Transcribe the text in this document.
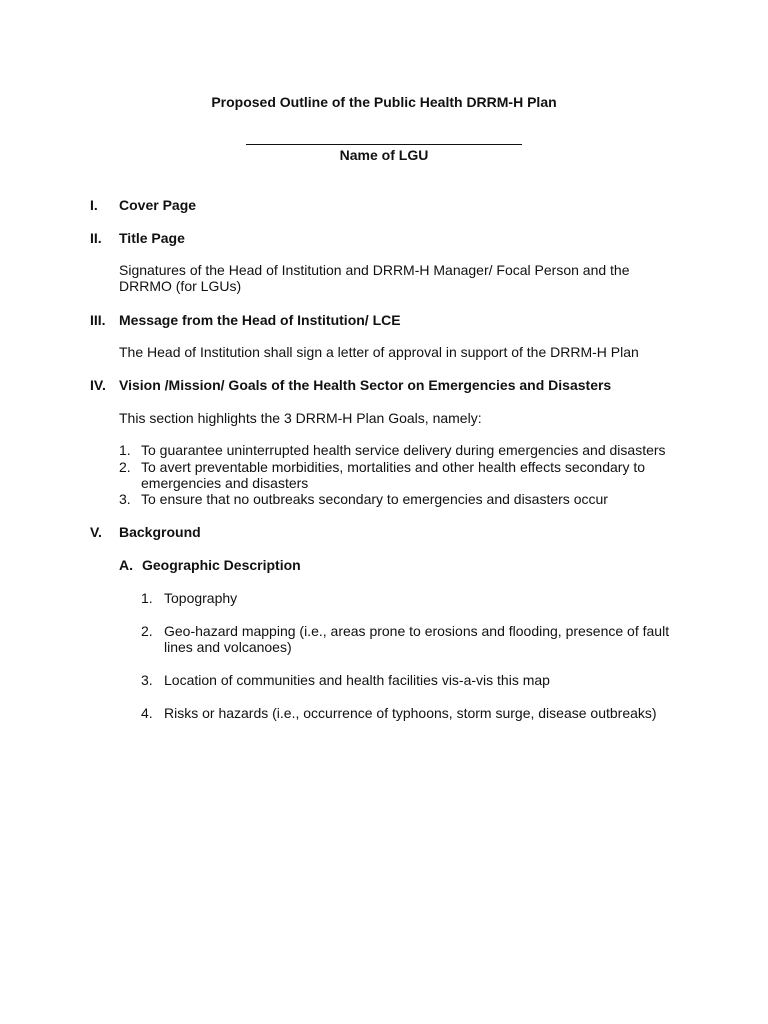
Proposed Outline of the Public Health DRRM-H Plan
Name of LGU
I. Cover Page
II. Title Page
Signatures of the Head of Institution and DRRM-H Manager/ Focal Person and the
DRRMO (for LGUs)
III. Message from the Head of Institution/ LCE
The Head of Institution shall sign a letter of approval in support of the DRRM-H Plan
IV. Vision /Mission/ Goals of the Health Sector on Emergencies and Disasters
This section highlights the 3 DRRM-H Plan Goals, namely:
1. To guarantee uninterrupted health service delivery during emergencies and disasters
2. To avert preventable morbidities, mortalities and other health effects secondary to
emergencies and disasters
3. To ensure that no outbreaks secondary to emergencies and disasters occur
V. Background
A. Geographic Description
1. Topography
2. Geo-hazard mapping (i.e., areas prone to erosions and flooding, presence of fault
lines and volcanoes)
3. Location of communities and health facilities vis-a-vis this map
4. Risks or hazards (i.e., occurrence of typhoons, storm surge, disease outbreaks)
